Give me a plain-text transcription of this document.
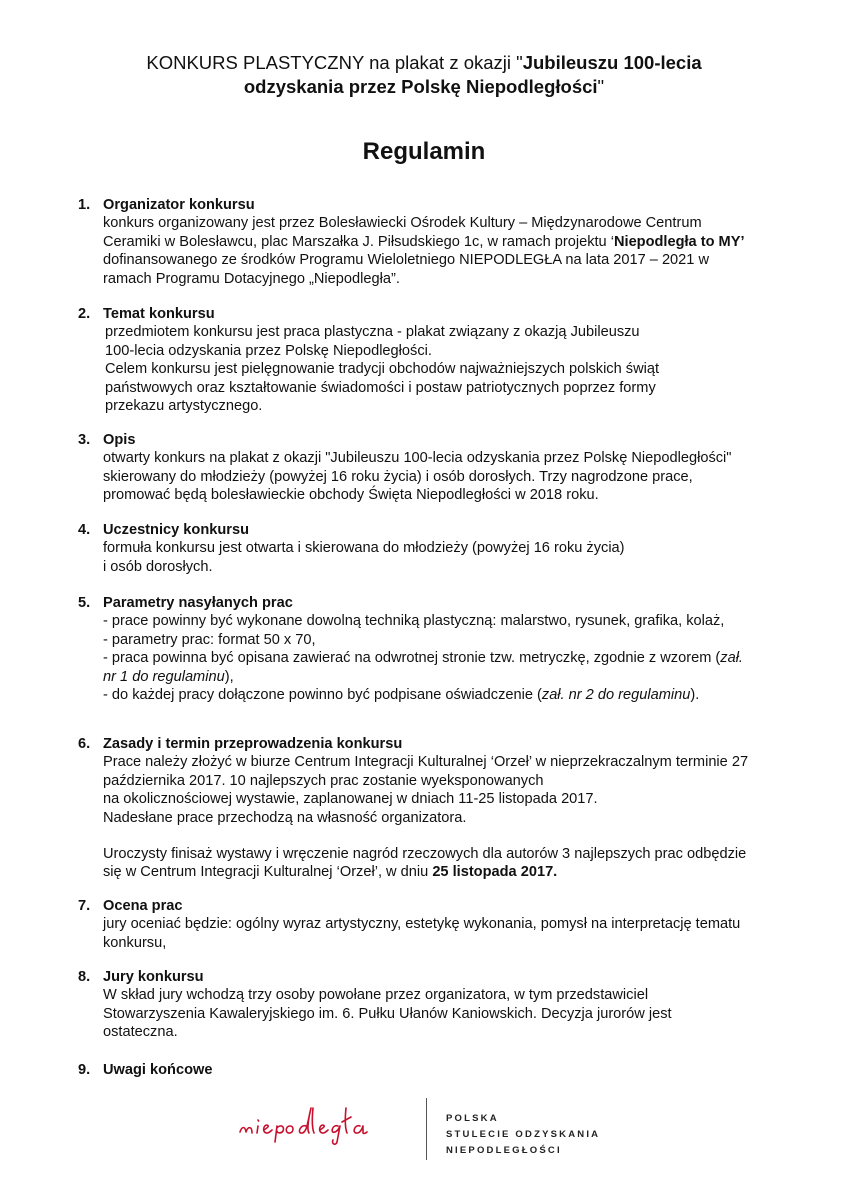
KONKURS PLASTYCZNY na plakat z okazji "Jubileuszu 100-lecia
odzyskania przez Polskę Niepodległości"
Regulamin
1. Organizator konkursu

konkurs organizowany jest przez Bolesławiecki Ośrodek Kultury – Międzynarodowe Centrum

Ceramiki w Bolesławcu, plac Marszałka J. Piłsudskiego 1c, w ramach projektu ‘Niepodległa to MY’

dofinansowanego ze środków Programu Wieloletniego NIEPODLEGŁA na lata 2017 – 2021 w

ramach Programu Dotacyjnego „Niepodległa”.

2. Temat konkursu

przedmiotem konkursu jest praca plastyczna - plakat związany z okazją Jubileuszu

100-lecia odzyskania przez Polskę Niepodległości.

Celem konkursu jest pielęgnowanie tradycji obchodów najważniejszych polskich świąt

państwowych oraz kształtowanie świadomości i postaw patriotycznych poprzez formy

przekazu artystycznego.

3. Opis

otwarty konkurs na plakat z okazji "Jubileuszu 100-lecia odzyskania przez Polskę Niepodległości"

skierowany do młodzieży (powyżej 16 roku życia) i osób dorosłych. Trzy nagrodzone prace,

promować będą bolesławieckie obchody Święta Niepodległości w 2018 roku.

4. Uczestnicy konkursu

formuła konkursu jest otwarta i skierowana do młodzieży (powyżej 16 roku życia)

i osób dorosłych.

5. Parametry nasyłanych prac

- prace powinny być wykonane dowolną techniką plastyczną: malarstwo, rysunek, grafika, kolaż,

- parametry prac: format 50 x 70,

- praca powinna być opisana zawierać na odwrotnej stronie tzw. metryczkę, zgodnie z wzorem (zał.

nr 1 do regulaminu),

- do każdej pracy dołączone powinno być podpisane oświadczenie (zał. nr 2 do regulaminu).

6. Zasady i termin przeprowadzenia konkursu

Prace należy złożyć w biurze Centrum Integracji Kulturalnej ‘Orzeł’ w nieprzekraczalnym terminie 27

października 2017. 10 najlepszych prac zostanie wyeksponowanych

na okolicznościowej wystawie, zaplanowanej w dniach 11-25 listopada 2017.

Nadesłane prace przechodzą na własność organizatora.

Uroczysty finisaż wystawy i wręczenie nagród rzeczowych dla autorów 3 najlepszych prac odbędzie

się w Centrum Integracji Kulturalnej ‘Orzeł’, w dniu 25 listopada 2017.

7. Ocena prac

jury oceniać będzie: ogólny wyraz artystyczny, estetykę wykonania, pomysł na interpretację tematu

konkursu,

8. Jury konkursu

W skład jury wchodzą trzy osoby powołane przez organizatora, w tym przedstawiciel

Stowarzyszenia Kawaleryjskiego im. 6. Pułku Ułanów Kaniowskich. Decyzja jurorów jest

ostateczna.

9. Uwagi końcowe
POLSKA
STULECIE ODZYSKANIA
NIEPODLEGŁOŚCI
